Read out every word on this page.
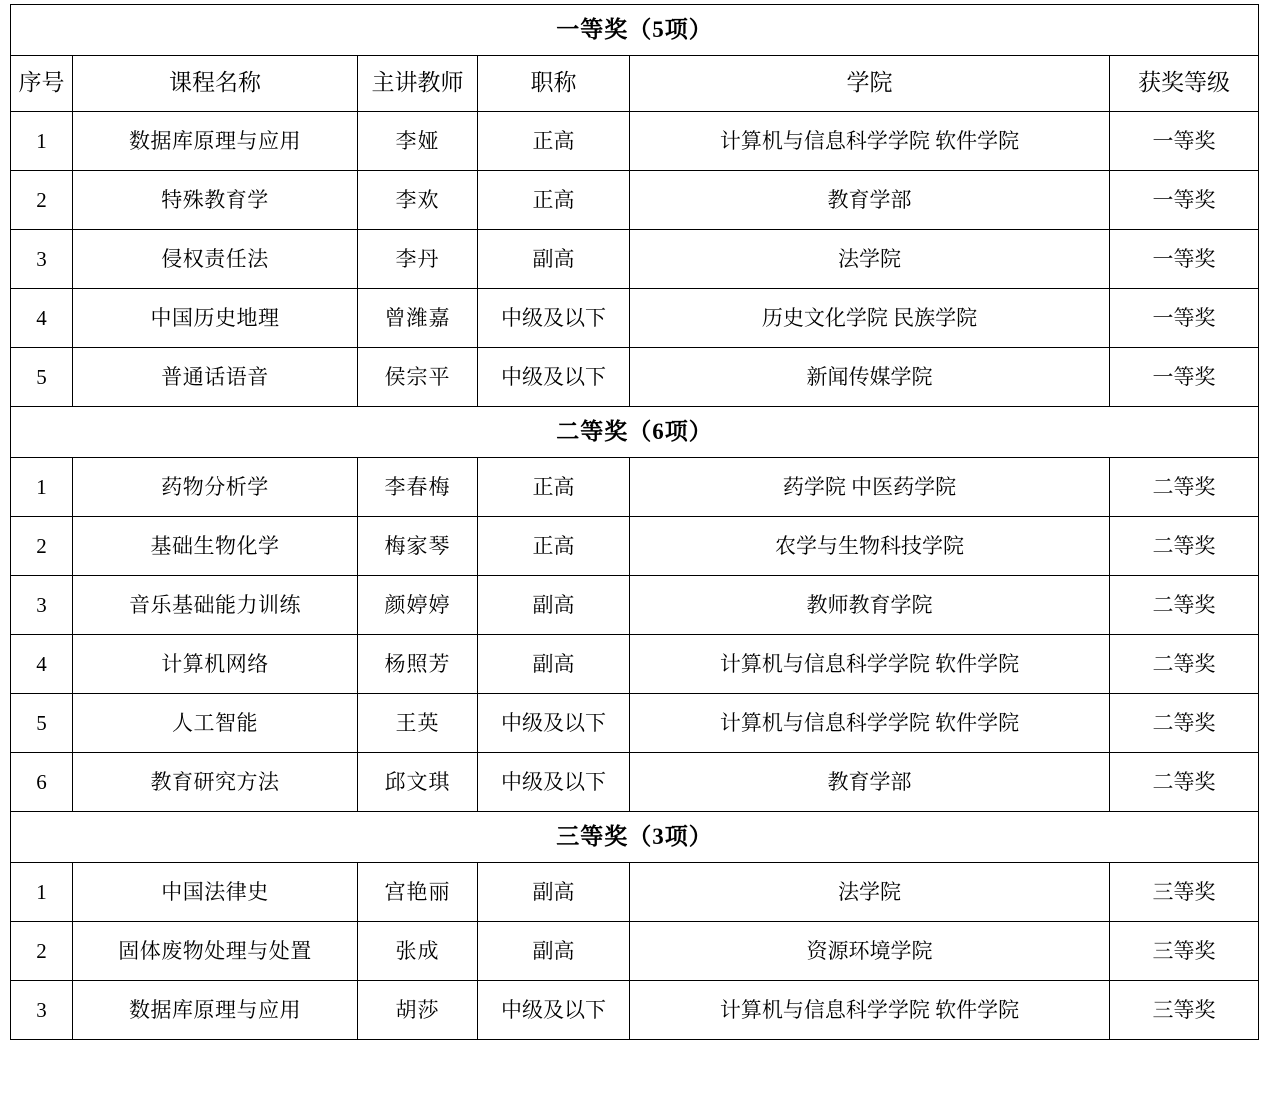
一等奖（5项）					
序号	课程名称	主讲教师	职称	学院	获奖等级
1	数据库原理与应用	李娅	正高	计算机与信息科学学院 软件学院	一等奖
2	特殊教育学	李欢	正高	教育学部	一等奖
3	侵权责任法	李丹	副高	法学院	一等奖
4	中国历史地理	曾潍嘉	中级及以下	历史文化学院 民族学院	一等奖
5	普通话语音	侯宗平	中级及以下	新闻传媒学院	一等奖
二等奖（6项）					
1	药物分析学	李春梅	正高	药学院 中医药学院	二等奖
2	基础生物化学	梅家琴	正高	农学与生物科技学院	二等奖
3	音乐基础能力训练	颜婷婷	副高	教师教育学院	二等奖
4	计算机网络	杨照芳	副高	计算机与信息科学学院 软件学院	二等奖
5	人工智能	王英	中级及以下	计算机与信息科学学院 软件学院	二等奖
6	教育研究方法	邱文琪	中级及以下	教育学部	二等奖
三等奖（3项）					
1	中国法律史	宫艳丽	副高	法学院	三等奖
2	固体废物处理与处置	张成	副高	资源环境学院	三等奖
3	数据库原理与应用	胡莎	中级及以下	计算机与信息科学学院 软件学院	三等奖
